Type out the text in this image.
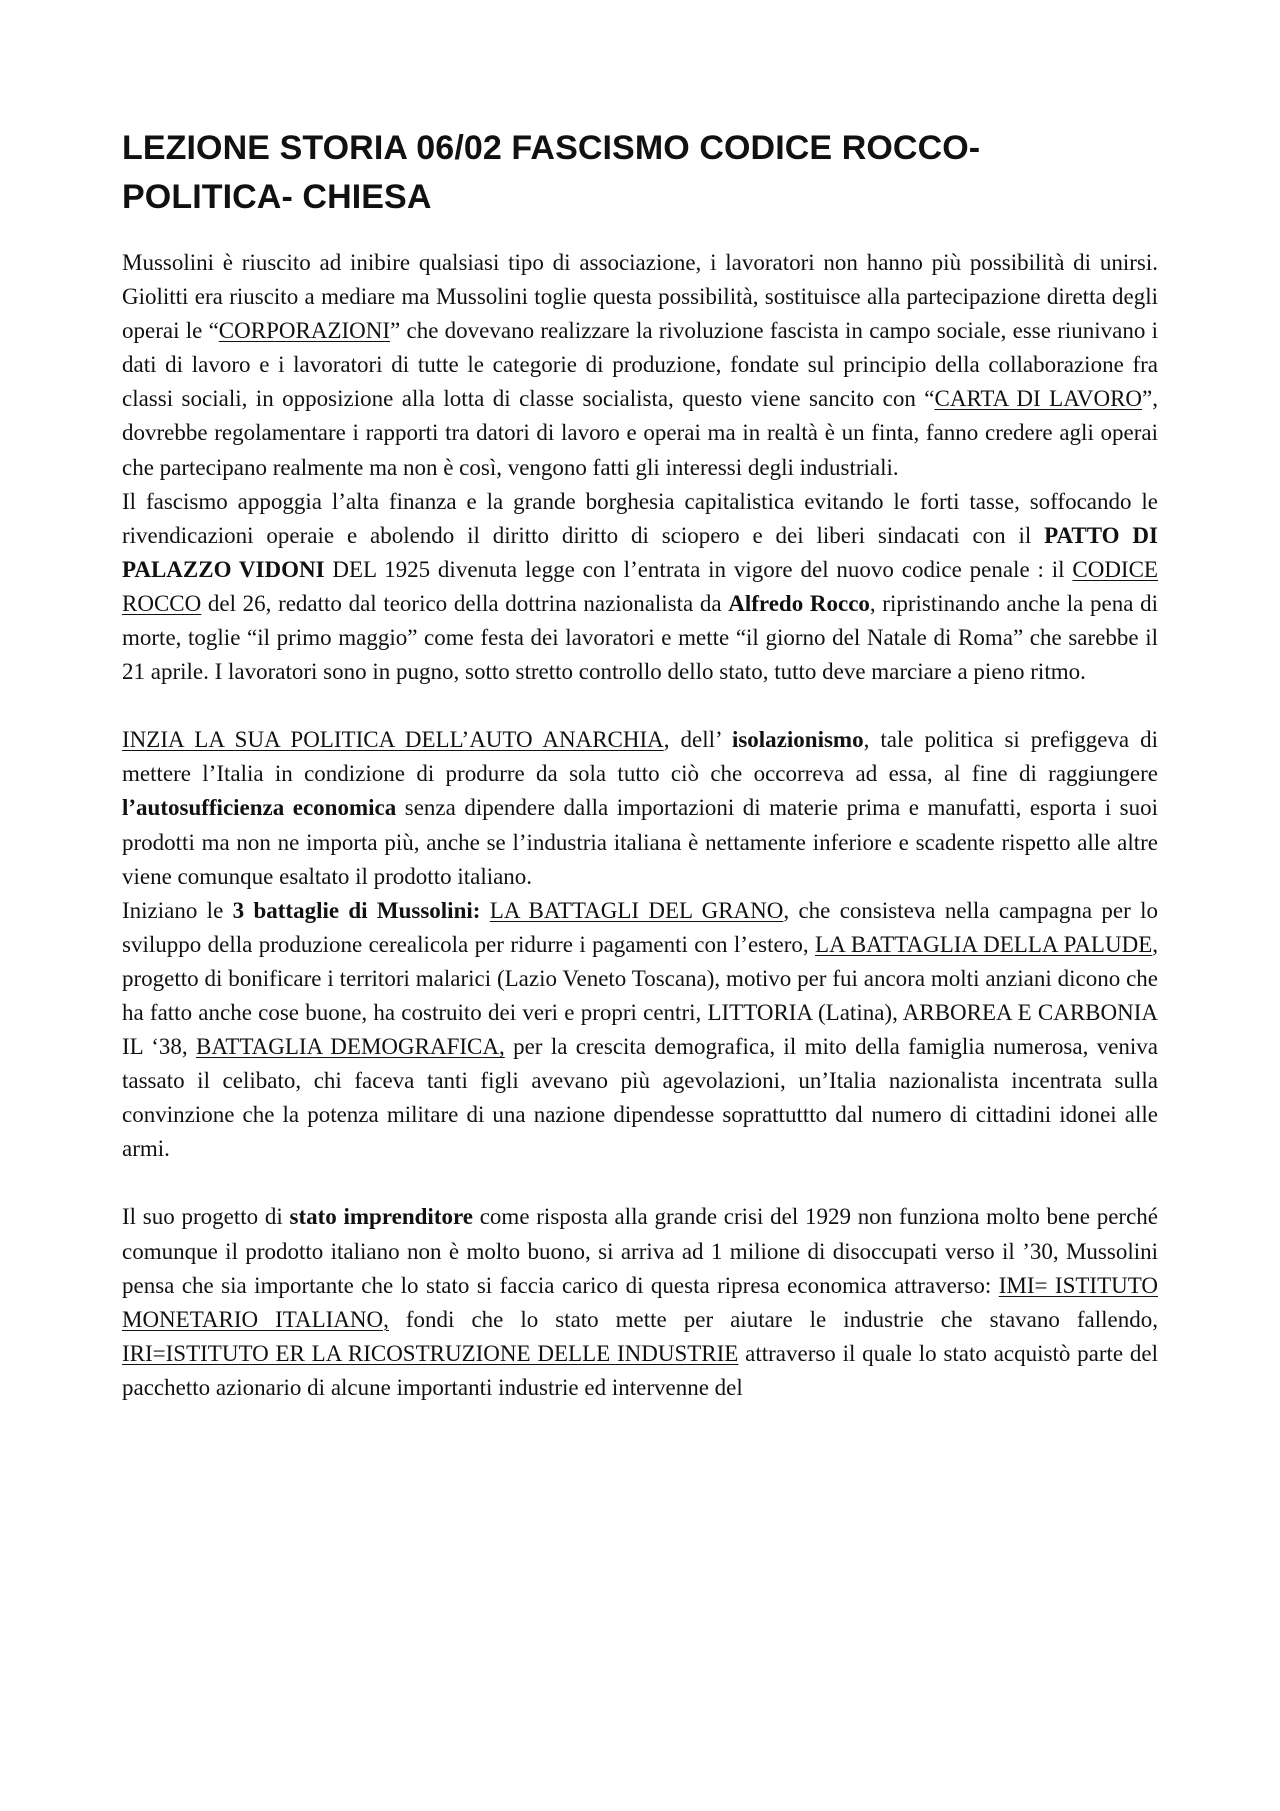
LEZIONE STORIA 06/02 FASCISMO CODICE ROCCO- POLITICA- CHIESA

Mussolini è riuscito ad inibire qualsiasi tipo di associazione, i lavoratori non hanno più possibilità di unirsi. Giolitti era riuscito a mediare ma Mussolini toglie questa possibilità, sostituisce alla partecipazione diretta degli operai le “CORPORAZIONI” che dovevano realizzare la rivoluzione fascista in campo sociale, esse riunivano i dati di lavoro e i lavoratori di tutte le categorie di produzione, fondate sul principio della collaborazione fra classi sociali, in opposizione alla lotta di classe socialista, questo viene sancito con “CARTA DI LAVORO”, dovrebbe regolamentare i rapporti tra datori di lavoro e operai ma in realtà è un finta, fanno credere agli operai che partecipano realmente ma non è così, vengono fatti gli interessi degli industriali.

Il fascismo appoggia l’alta finanza e la grande borghesia capitalistica evitando le forti tasse, soffocando le rivendicazioni operaie e abolendo il diritto diritto di sciopero e dei liberi sindacati con il PATTO DI PALAZZO VIDONI DEL 1925 divenuta legge con l’entrata in vigore del nuovo codice penale : il CODICE ROCCO del 26, redatto dal teorico della dottrina nazionalista da Alfredo Rocco, ripristinando anche la pena di morte, toglie “il primo maggio” come festa dei lavoratori e mette “il giorno del Natale di Roma” che sarebbe il 21 aprile. I lavoratori sono in pugno, sotto stretto controllo dello stato, tutto deve marciare a pieno ritmo.

INZIA LA SUA POLITICA DELL’AUTO ANARCHIA, dell’ isolazionismo, tale politica si prefiggeva di mettere l’Italia in condizione di produrre da sola tutto ciò che occorreva ad essa, al fine di raggiungere l’autosufficienza economica senza dipendere dalla importazioni di materie prima e manufatti, esporta i suoi prodotti ma non ne importa più, anche se l’industria italiana è nettamente inferiore e scadente rispetto alle altre viene comunque esaltato il prodotto italiano.

Iniziano le 3 battaglie di Mussolini: LA BATTAGLI DEL GRANO, che consisteva nella campagna per lo sviluppo della produzione cerealicola per ridurre i pagamenti con l’estero, LA BATTAGLIA DELLA PALUDE, progetto di bonificare i territori malarici (Lazio Veneto Toscana), motivo per fui ancora molti anziani dicono che ha fatto anche cose buone, ha costruito dei veri e propri centri, LITTORIA (Latina), ARBOREA E CARBONIA IL ‘38, BATTAGLIA DEMOGRAFICA, per la crescita demografica, il mito della famiglia numerosa, veniva tassato il celibato, chi faceva tanti figli avevano più agevolazioni, un’Italia nazionalista incentrata sulla convinzione che la potenza militare di una nazione dipendesse soprattuttto dal numero di cittadini idonei alle armi.

Il suo progetto di stato imprenditore come risposta alla grande crisi del 1929 non funziona molto bene perché comunque il prodotto italiano non è molto buono, si arriva ad 1 milione di disoccupati verso il ’30, Mussolini pensa che sia importante che lo stato si faccia carico di questa ripresa economica attraverso: IMI= ISTITUTO MONETARIO ITALIANO, fondi che lo stato mette per aiutare le industrie che stavano fallendo, IRI=ISTITUTO ER LA RICOSTRUZIONE DELLE INDUSTRIE attraverso il quale lo stato acquistò parte del pacchetto azionario di alcune importanti industrie ed intervenne del
